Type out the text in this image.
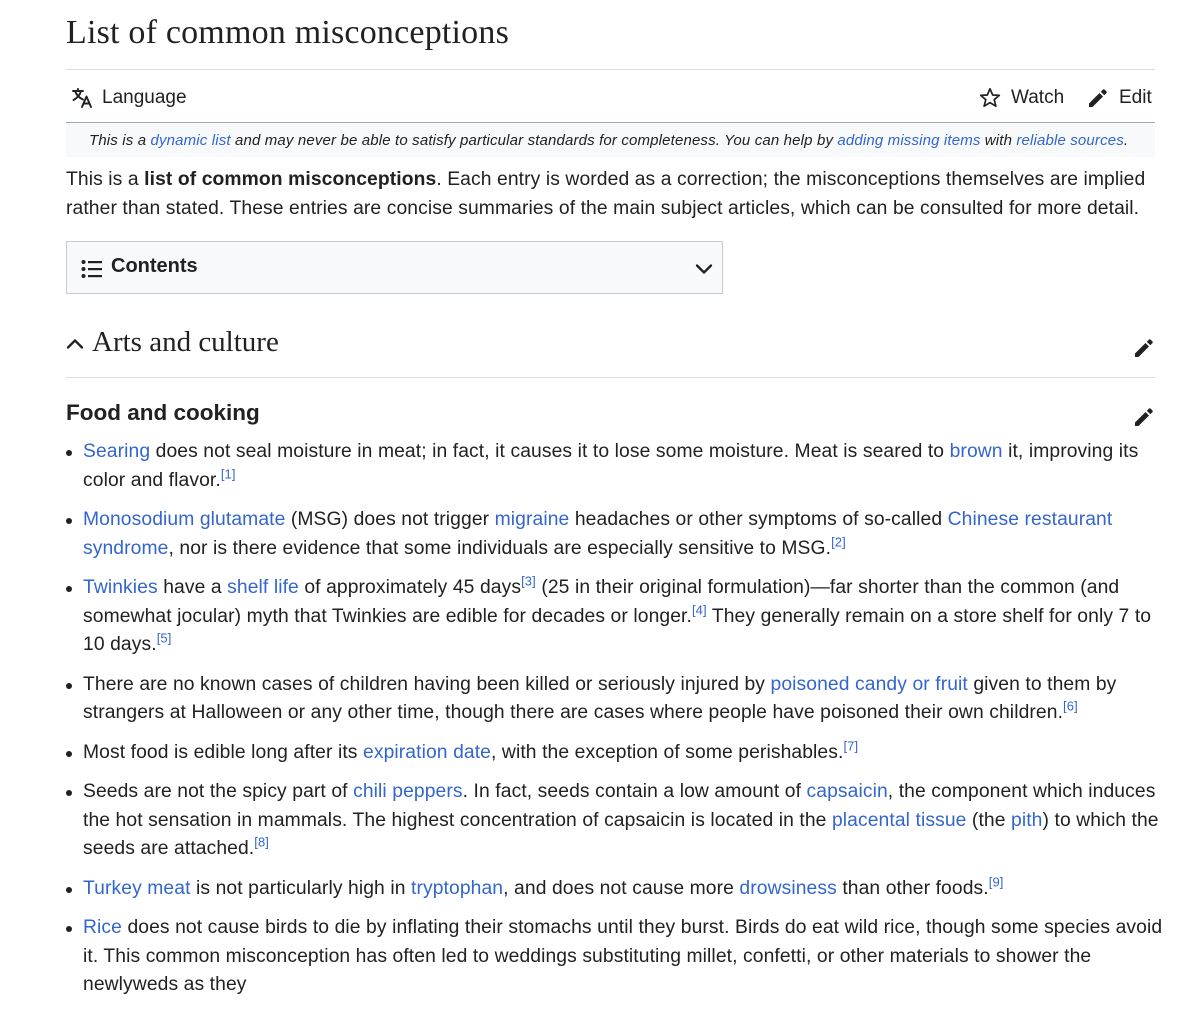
List of common misconceptions
Language	Watch	Edit
This is a dynamic list and may never be able to satisfy particular standards for completeness. You can help by adding missing items with reliable sources.

This is a list of common misconceptions. Each entry is worded as a correction; the misconceptions themselves are implied rather than stated. These entries are concise summaries of the main subject articles, which can be consulted for more detail.

Contents
Arts and culture
Food and cooking
Searing does not seal moisture in meat; in fact, it causes it to lose some moisture. Meat is seared to brown it, improving its color and flavor.[1]
Monosodium glutamate (MSG) does not trigger migraine headaches or other symptoms of so-called Chinese restaurant syndrome, nor is there evidence that some individuals are especially sensitive to MSG.[2]
Twinkies have a shelf life of approximately 45 days[3] (25 in their original formulation)—far shorter than the common (and somewhat jocular) myth that Twinkies are edible for decades or longer.[4] They generally remain on a store shelf for only 7 to 10 days.[5]
There are no known cases of children having been killed or seriously injured by poisoned candy or fruit given to them by strangers at Halloween or any other time, though there are cases where people have poisoned their own children.[6]
Most food is edible long after its expiration date, with the exception of some perishables.[7]
Seeds are not the spicy part of chili peppers. In fact, seeds contain a low amount of capsaicin, the component which induces the hot sensation in mammals. The highest concentration of capsaicin is located in the placental tissue (the pith) to which the seeds are attached.[8]
Turkey meat is not particularly high in tryptophan, and does not cause more drowsiness than other foods.[9]
Rice does not cause birds to die by inflating their stomachs until they burst. Birds do eat wild rice, though some species avoid it. This common misconception has often led to weddings substituting millet, confetti, or other materials to shower the newlyweds as they
